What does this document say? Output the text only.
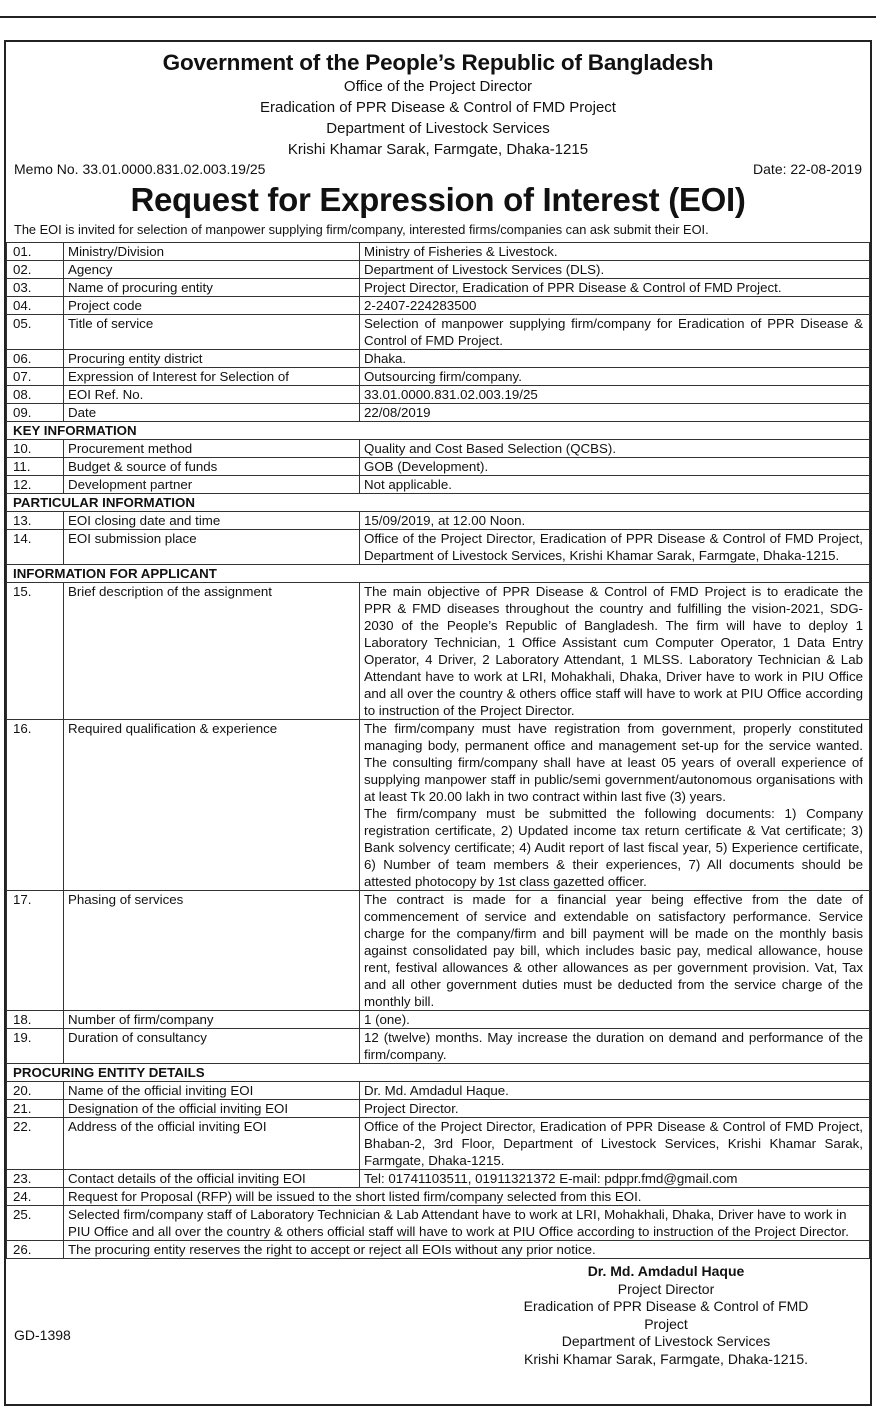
Government of the People’s Republic of Bangladesh
Office of the Project Director
Eradication of PPR Disease & Control of FMD Project
Department of Livestock Services
Krishi Khamar Sarak, Farmgate, Dhaka-1215
Memo No. 33.01.0000.831.02.003.19/25	Date: 22-08-2019
Request for Expression of Interest (EOI)
The EOI is invited for selection of manpower supplying firm/company, interested firms/companies can ask submit their EOI.
01.	Ministry/Division	Ministry of Fisheries & Livestock.

02.	Agency	Department of Livestock Services (DLS).

03.	Name of procuring entity	Project Director, Eradication of PPR Disease & Control of FMD Project.

04.	Project code	2-2407-224283500

05.	Title of service	Selection of manpower supplying firm/company for Eradication of PPR Disease & Control of FMD Project.

06.	Procuring entity district	Dhaka.

07.	Expression of Interest for Selection of	Outsourcing firm/company.

08.	EOI Ref. No.	33.01.0000.831.02.003.19/25

09.	Date	22/08/2019

KEY INFORMATION		
10.	Procurement method	Quality and Cost Based Selection (QCBS).

11.	Budget & source of funds	GOB (Development).

12.	Development partner	Not applicable.

PARTICULAR INFORMATION		
13.	EOI closing date and time	15/09/2019, at 12.00 Noon.

14.	EOI submission place	Office of the Project Director, Eradication of PPR Disease & Control of FMD Project, Department of Livestock Services, Krishi Khamar Sarak, Farmgate, Dhaka-1215.

INFORMATION FOR APPLICANT		
15.	Brief description of the assignment	The main objective of PPR Disease & Control of FMD Project is to eradicate the PPR & FMD diseases throughout the country and fulfilling the vision-2021, SDG-2030 of the People’s Republic of Bangladesh. The firm will have to deploy 1 Laboratory Technician, 1 Office Assistant cum Computer Operator, 1 Data Entry Operator, 4 Driver, 2 Laboratory Attendant, 1 MLSS. Laboratory Technician & Lab Attendant have to work at LRI, Mohakhali, Dhaka, Driver have to work in PIU Office and all over the country & others office staff will have to work at PIU Office according to instruction of the Project Director.

16.	Required qualification & experience	The firm/company must have registration from government, properly constituted managing body, permanent office and management set-up for the service wanted. The consulting firm/company shall have at least 05 years of overall experience of supplying manpower staff in public/semi government/autonomous organisations with at least Tk 20.00 lakh in two contract within last five (3) years.
The firm/company must be submitted the following documents: 1) Company registration certificate, 2) Updated income tax return certificate & Vat certificate; 3) Bank solvency certificate; 4) Audit report of last fiscal year, 5) Experience certificate, 6) Number of team members & their experiences, 7) All documents should be attested photocopy by 1st class gazetted officer.

17.	Phasing of services	The contract is made for a financial year being effective from the date of commencement of service and extendable on satisfactory performance. Service charge for the company/firm and bill payment will be made on the monthly basis against consolidated pay bill, which includes basic pay, medical allowance, house rent, festival allowances & other allowances as per government provision. Vat, Tax and all other government duties must be deducted from the service charge of the monthly bill.

18.	Number of firm/company	1 (one).

19.	Duration of consultancy	12 (twelve) months. May increase the duration on demand and performance of the firm/company.

PROCURING ENTITY DETAILS		
20.	Name of the official inviting EOI	Dr. Md. Amdadul Haque.

21.	Designation of the official inviting EOI	Project Director.

22.	Address of the official inviting EOI	Office of the Project Director, Eradication of PPR Disease & Control of FMD Project, Bhaban-2, 3rd Floor, Department of Livestock Services, Krishi Khamar Sarak, Farmgate, Dhaka-1215.

23.	Contact details of the official inviting EOI	Tel: 01741103511, 01911321372 E-mail: pdppr.fmd@gmail.com

24.	Request for Proposal (RFP) will be issued to the short listed firm/company selected from this EOI.	
25.	Selected firm/company staff of Laboratory Technician & Lab Attendant have to work at LRI, Mohakhali, Dhaka, Driver have to work in PIU Office and all over the country & others official staff will have to work at PIU Office according to instruction of the Project Director.	
26.	The procuring entity reserves the right to accept or reject all EOIs without any prior notice.	
Dr. Md. Amdadul Haque
Project Director
Eradication of PPR Disease & Control of FMD Project
Department of Livestock Services
Krishi Khamar Sarak, Farmgate, Dhaka-1215.
GD-1398
